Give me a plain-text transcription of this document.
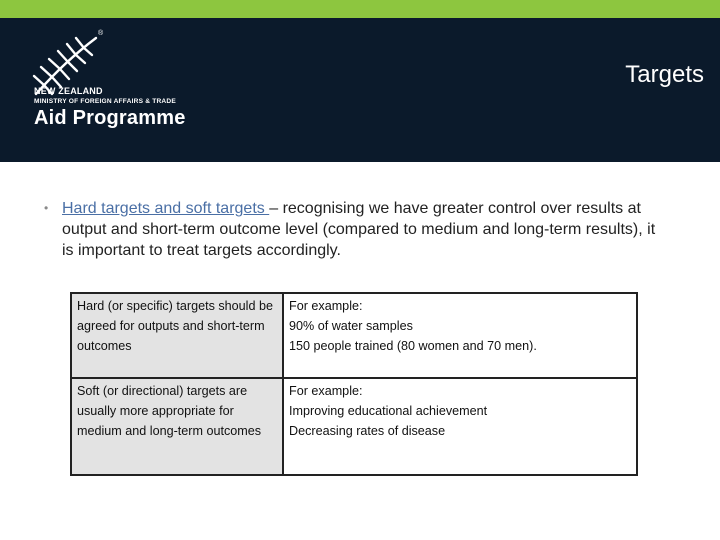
®
NEW ZEALAND
MINISTRY OF FOREIGN AFFAIRS & TRADE
Aid Programme
Targets
• Hard targets and soft targets – recognising we have greater control over results at output and short-term outcome level (compared to medium and long-term results), it is important to treat targets accordingly.
Hard (or specific) targets should be agreed for outputs and short-term outcomes	For example:
90% of water samples
150 people trained (80 women and 70 men).

Soft (or directional) targets are usually more appropriate for medium and long-term outcomes	For example:
Improving educational achievement
Decreasing rates of disease
